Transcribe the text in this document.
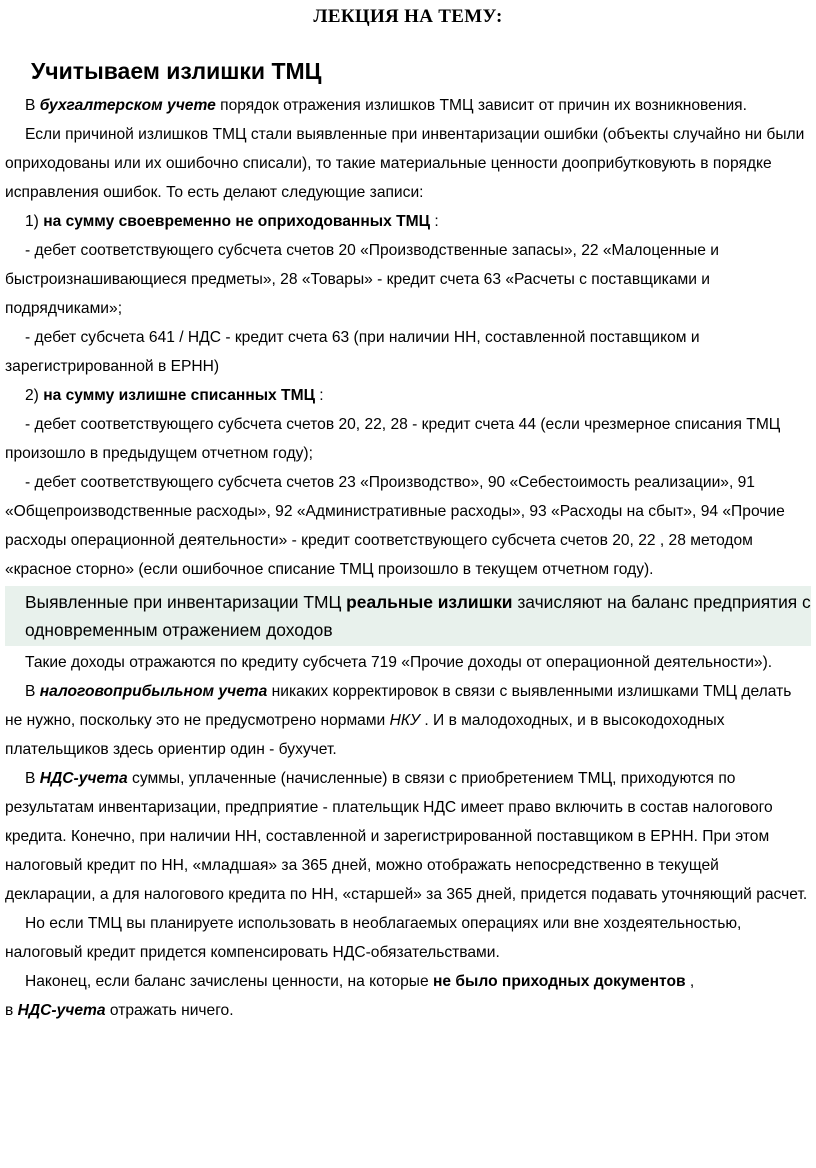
ЛЕКЦИЯ НА ТЕМУ:
Учитываем излишки ТМЦ

В бухгалтерском учете порядок отражения излишков ТМЦ зависит от причин их возникновения.

Если причиной излишков ТМЦ стали выявленные при инвентаризации ошибки (объекты случайно ни были оприходованы или их ошибочно списали), то такие материальные ценности дооприбутковують в порядке исправления ошибок. То есть делают следующие записи:

1) на сумму своевременно не оприходованных ТМЦ :

- дебет соответствующего субсчета счетов 20 «Производственные запасы», 22 «Малоценные и быстроизнашивающиеся предметы», 28 «Товары» - кредит счета 63 «Расчеты с поставщиками и подрядчиками»;

- дебет субсчета 641 / НДС - кредит счета 63 (при наличии НН, составленной поставщиком и зарегистрированной в ЕРНН)

2) на сумму излишне списанных ТМЦ :

- дебет соответствующего субсчета счетов 20, 22, 28 - кредит счета 44 (если чрезмерное списания ТМЦ произошло в предыдущем отчетном году);

- дебет соответствующего субсчета счетов 23 «Производство», 90 «Себестоимость реализации», 91 «Общепроизводственные расходы», 92 «Административные расходы», 93 «Расходы на сбыт», 94 «Прочие расходы операционной деятельности» - кредит соответствующего субсчета счетов 20, 22 , 28 методом «красное сторно» (если ошибочное списание ТМЦ произошло в текущем отчетном году).

Выявленные при инвентаризации ТМЦ реальные излишки зачисляют на баланс предприятия с одновременным отражением доходов

Такие доходы отражаются по кредиту субсчета 719 «Прочие доходы от операционной деятельности»).

В налоговоприбыльном учета никаких корректировок в связи с выявленными излишками ТМЦ делать не нужно, поскольку это не предусмотрено нормами НКУ . И в малодоходных, и в высокодоходных плательщиков здесь ориентир один - бухучет.

В НДС-учета суммы, уплаченные (начисленные) в связи с приобретением ТМЦ, приходуются по результатам инвентаризации, предприятие - плательщик НДС имеет право включить в состав налогового кредита. Конечно, при наличии НН, составленной и зарегистрированной поставщиком в ЕРНН. При этом налоговый кредит по НН, «младшая» за 365 дней, можно отображать непосредственно в текущей декларации, а для налогового кредита по НН, «старшей» за 365 дней, придется подавать уточняющий расчет.

Но если ТМЦ вы планируете использовать в необлагаемых операциях или вне хоздеятельностью, налоговый кредит придется компенсировать НДС-обязательствами.

Наконец, если баланс зачислены ценности, на которые не было приходных документов ,
в НДС-учета отражать ничего.
